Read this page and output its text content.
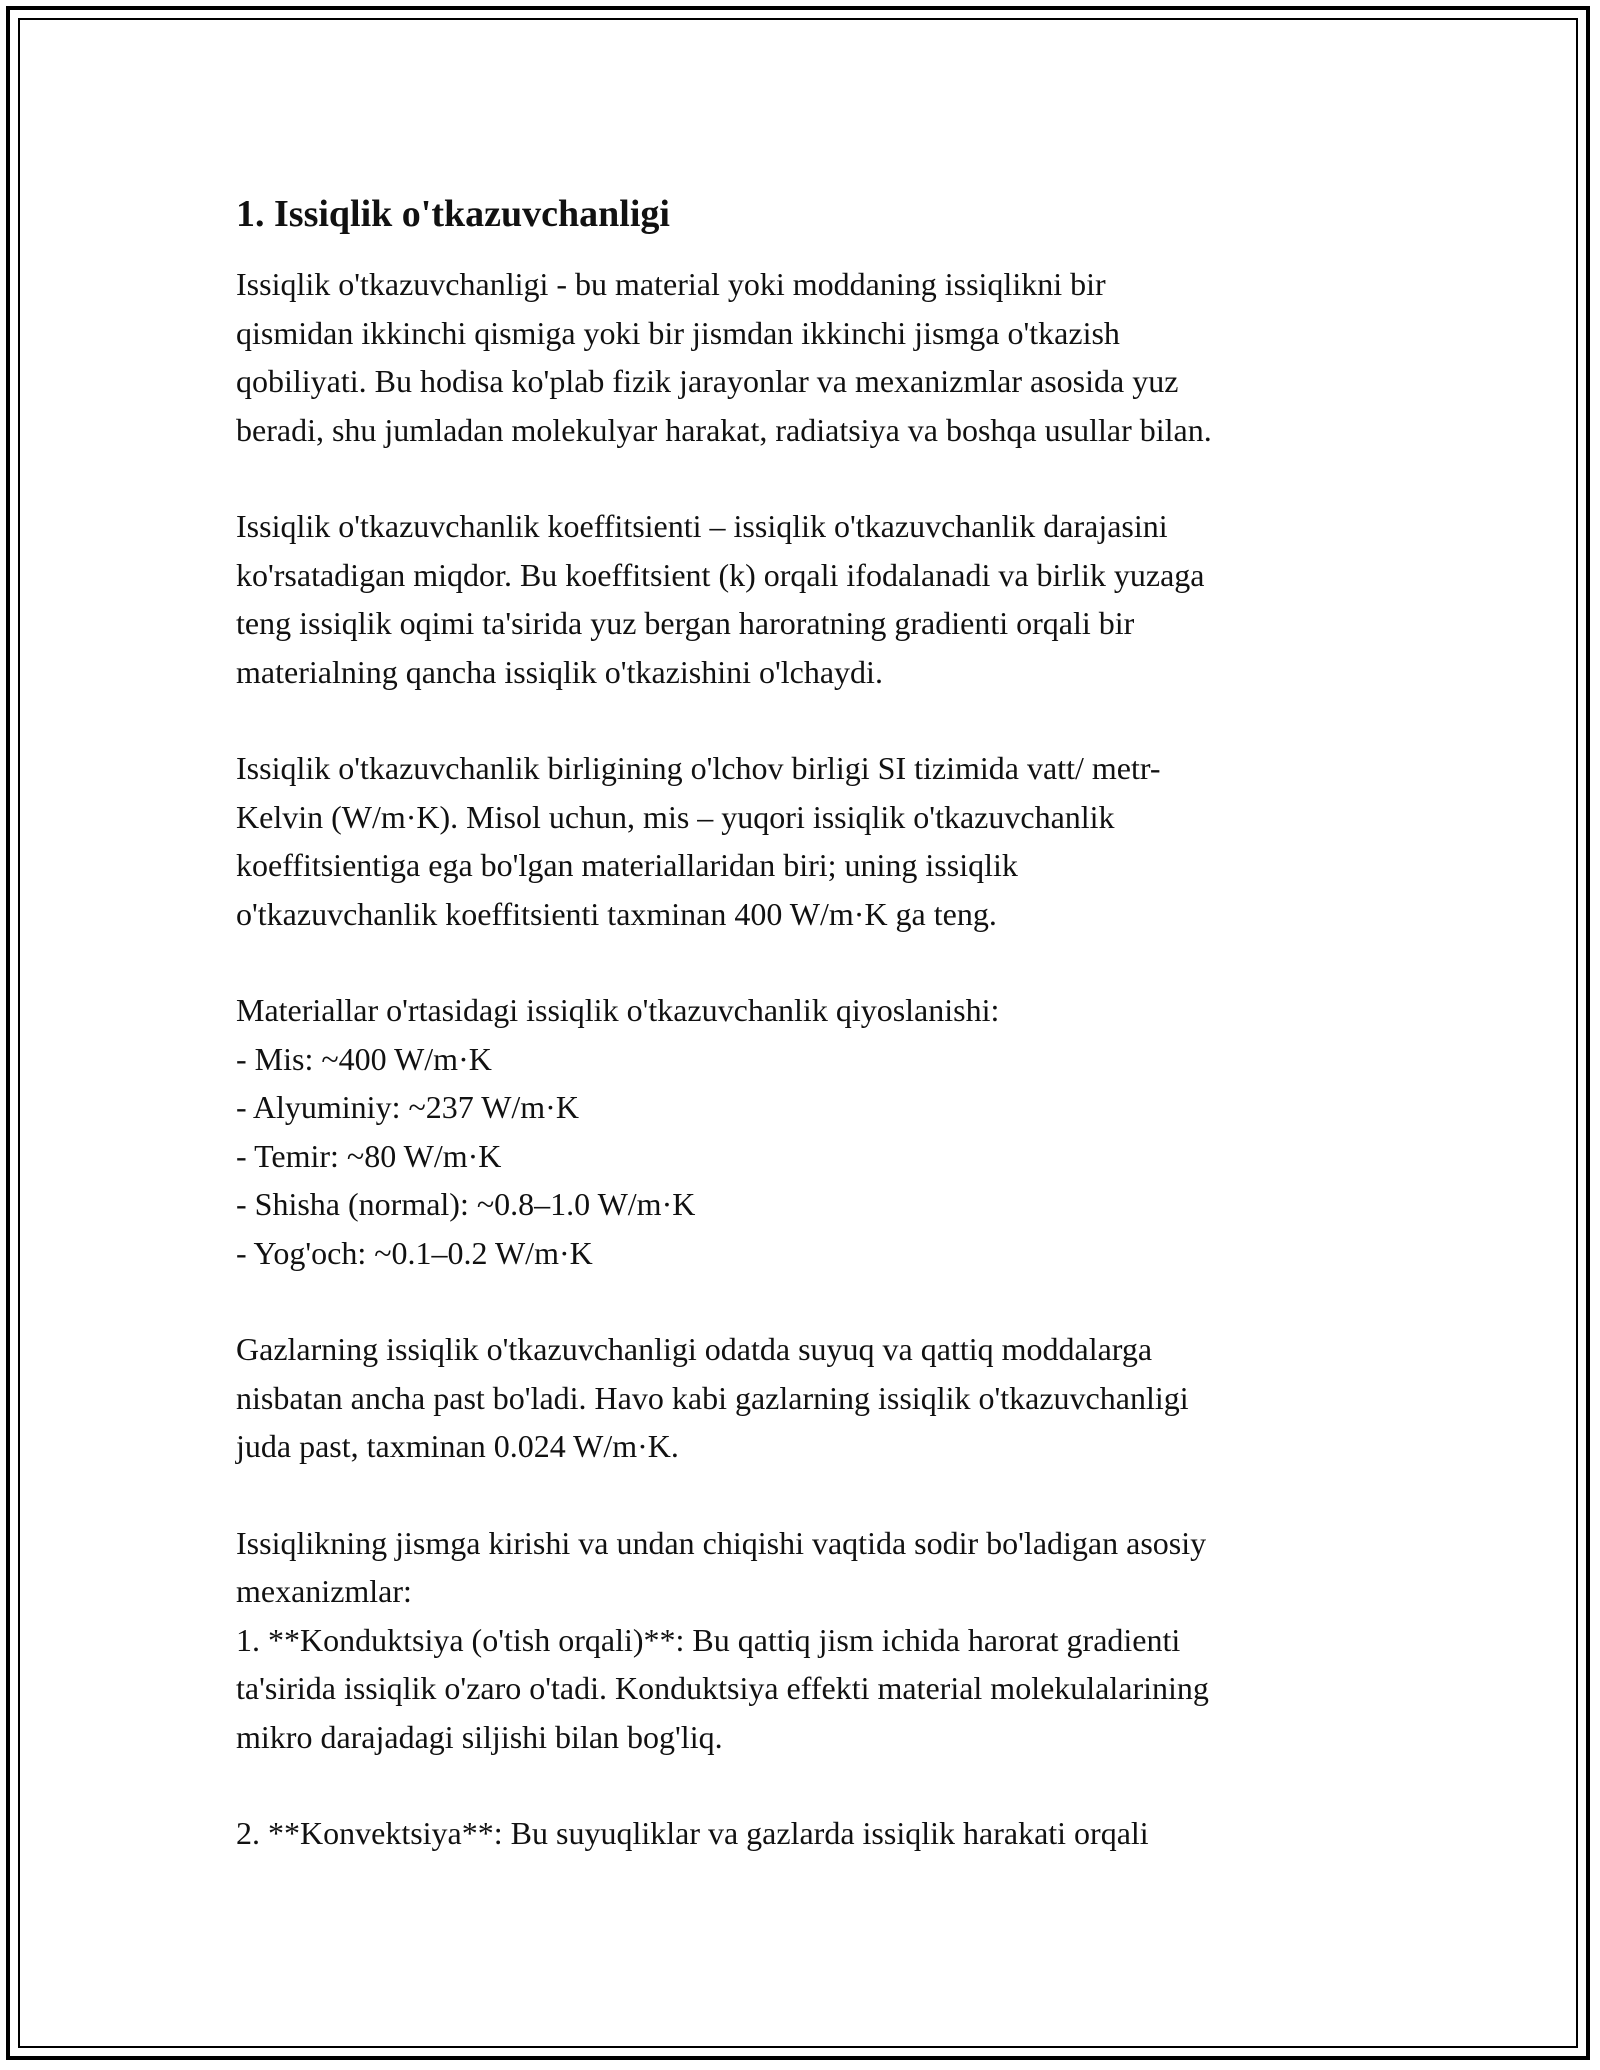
1. Issiqlik o'tkazuvchanligi
Issiqlik o'tkazuvchanligi - bu material yoki moddaning issiqlikni bir
qismidan ikkinchi qismiga yoki bir jismdan ikkinchi jismga o'tkazish
qobiliyati. Bu hodisa ko'plab fizik jarayonlar va mexanizmlar asosida yuz
beradi, shu jumladan molekulyar harakat, radiatsiya va boshqa usullar bilan.
Issiqlik o'tkazuvchanlik koeffitsienti – issiqlik o'tkazuvchanlik darajasini
ko'rsatadigan miqdor. Bu koeffitsient (k) orqali ifodalanadi va birlik yuzaga
teng issiqlik oqimi ta'sirida yuz bergan haroratning gradienti orqali bir
materialning qancha issiqlik o'tkazishini o'lchaydi.
Issiqlik o'tkazuvchanlik birligining o'lchov birligi SI tizimida vatt/ metr-
Kelvin (W/m·K). Misol uchun, mis – yuqori issiqlik o'tkazuvchanlik
koeffitsientiga ega bo'lgan materiallaridan biri; uning issiqlik
o'tkazuvchanlik koeffitsienti taxminan 400 W/m·K ga teng.
Materiallar o'rtasidagi issiqlik o'tkazuvchanlik qiyoslanishi:
- Mis: ~400 W/m·K
- Alyuminiy: ~237 W/m·K
- Temir: ~80 W/m·K
- Shisha (normal): ~0.8–1.0 W/m·K
- Yog'och: ~0.1–0.2 W/m·K
Gazlarning issiqlik o'tkazuvchanligi odatda suyuq va qattiq moddalarga
nisbatan ancha past bo'ladi. Havo kabi gazlarning issiqlik o'tkazuvchanligi
juda past, taxminan 0.024 W/m·K.
Issiqlikning jismga kirishi va undan chiqishi vaqtida sodir bo'ladigan asosiy
mexanizmlar:
1. **Konduktsiya (o'tish orqali)**: Bu qattiq jism ichida harorat gradienti
ta'sirida issiqlik o'zaro o'tadi. Konduktsiya effekti material molekulalarining
mikro darajadagi siljishi bilan bog'liq.
2. **Konvektsiya**: Bu suyuqliklar va gazlarda issiqlik harakati orqali
